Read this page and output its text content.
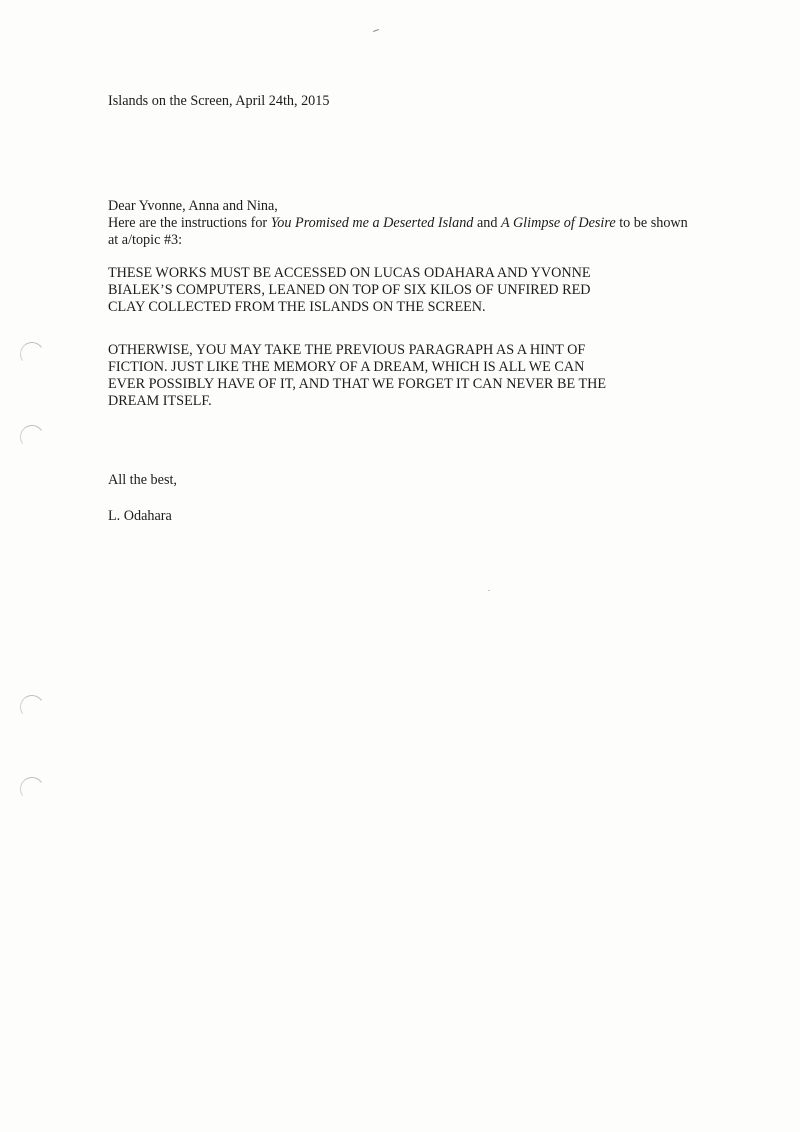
Islands on the Screen, April 24th, 2015
Dear Yvonne, Anna and Nina,
Here are the instructions for You Promised me a Deserted Island and A Glimpse of Desire to be shown
at a/topic #3:
THESE WORKS MUST BE ACCESSED ON LUCAS ODAHARA AND YVONNE
BIALEK’S COMPUTERS, LEANED ON TOP OF SIX KILOS OF UNFIRED RED
CLAY COLLECTED FROM THE ISLANDS ON THE SCREEN.
OTHERWISE, YOU MAY TAKE THE PREVIOUS PARAGRAPH AS A HINT OF
FICTION. JUST LIKE THE MEMORY OF A DREAM, WHICH IS ALL WE CAN
EVER POSSIBLY HAVE OF IT, AND THAT WE FORGET IT CAN NEVER BE THE
DREAM ITSELF.
All the best,
L. Odahara
